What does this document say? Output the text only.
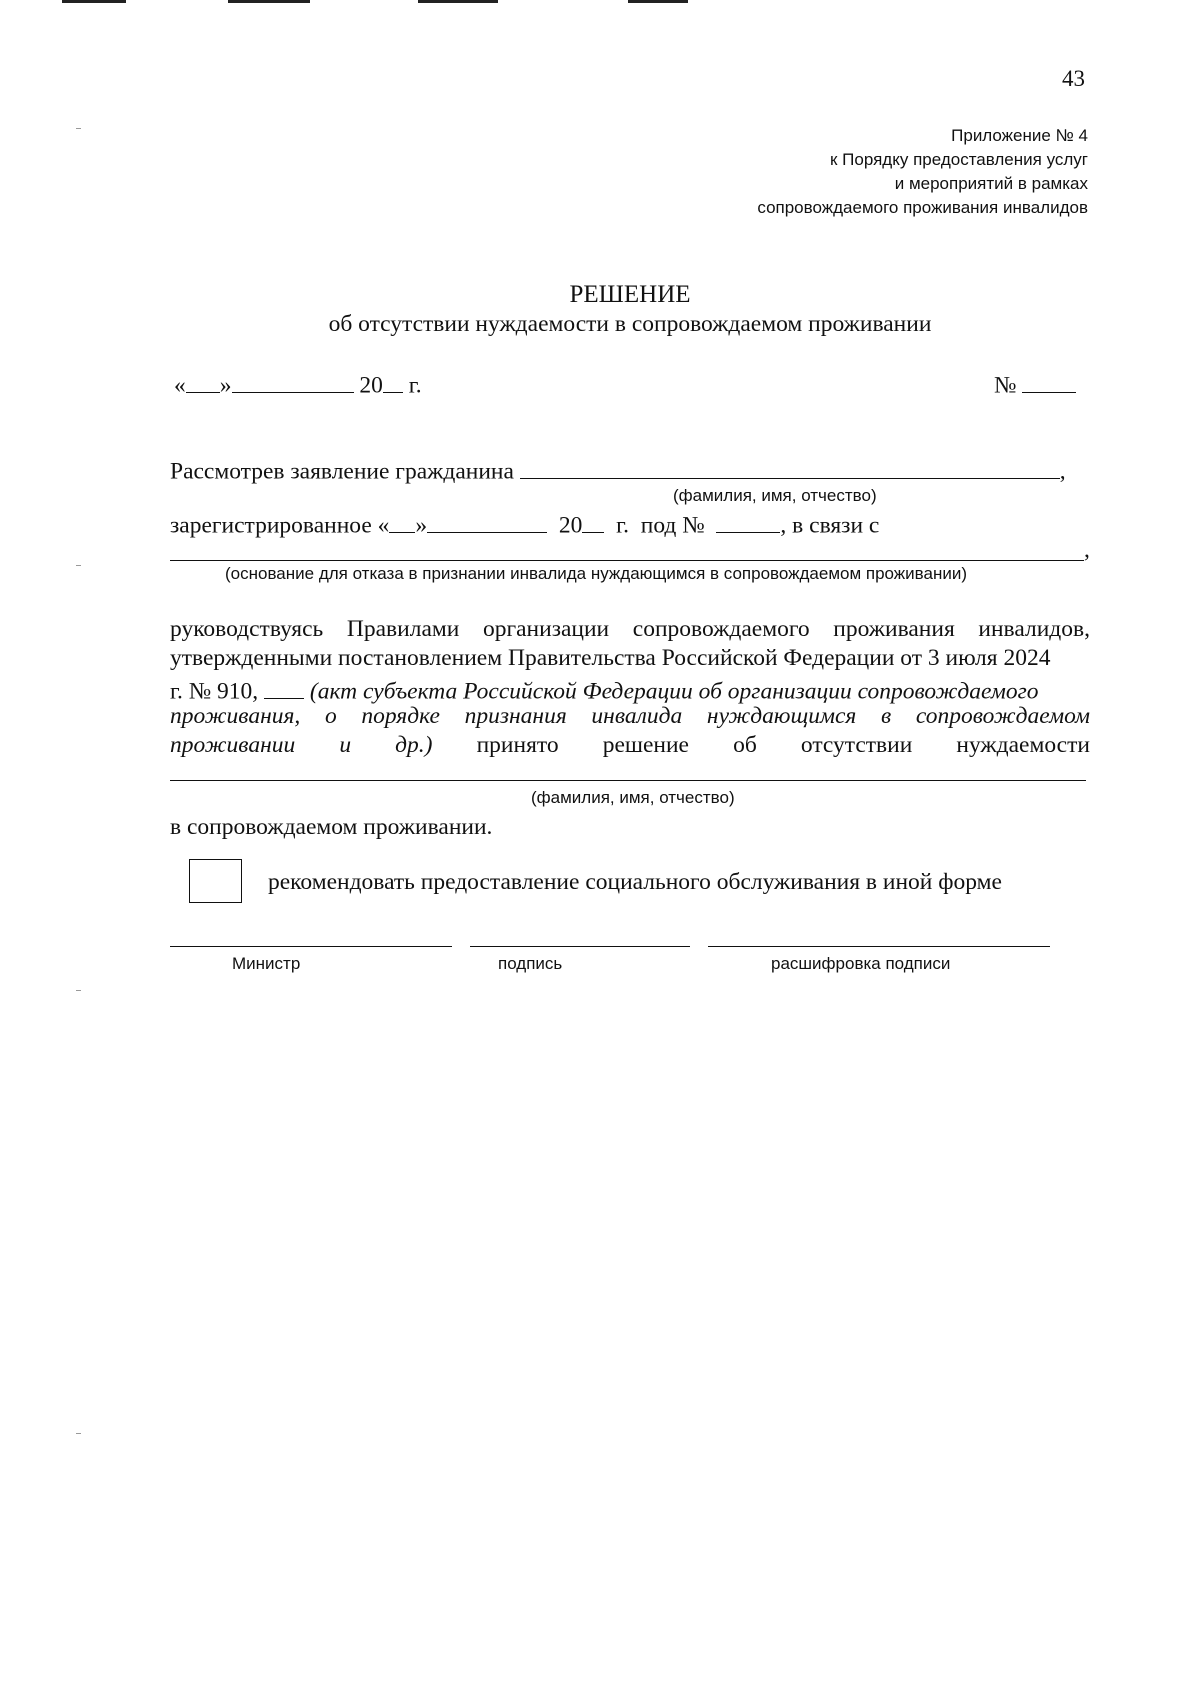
43
Приложение № 4
к Порядку предоставления услуг
и мероприятий в рамках
сопровождаемого проживания инвалидов
РЕШЕНИЕ
об отсутствии нуждаемости в сопровождаемом проживании
« »	20 г.	№
Рассмотрев заявление гражданина	,
(фамилия, имя, отчество)
зарегистрированное « »	20 г. под №	, в связи с
,
(основание для отказа в признании инвалида нуждающимся в сопровождаемом проживании)
руководствуясь Правилами организации сопровождаемого проживания инвалидов,
утвержденными постановлением Правительства Российской Федерации от 3 июля 2024
г. № 910, (акт субъекта Российской Федерации об организации сопровождаемого
проживания, о порядке признания инвалида нуждающимся в сопровождаемом
проживании и др.) принято решение об отсутствии нуждаемости
(фамилия, имя, отчество)
в сопровождаемом проживании.
рекомендовать предоставление социального обслуживания в иной форме
Министр	подпись	расшифровка подписи
